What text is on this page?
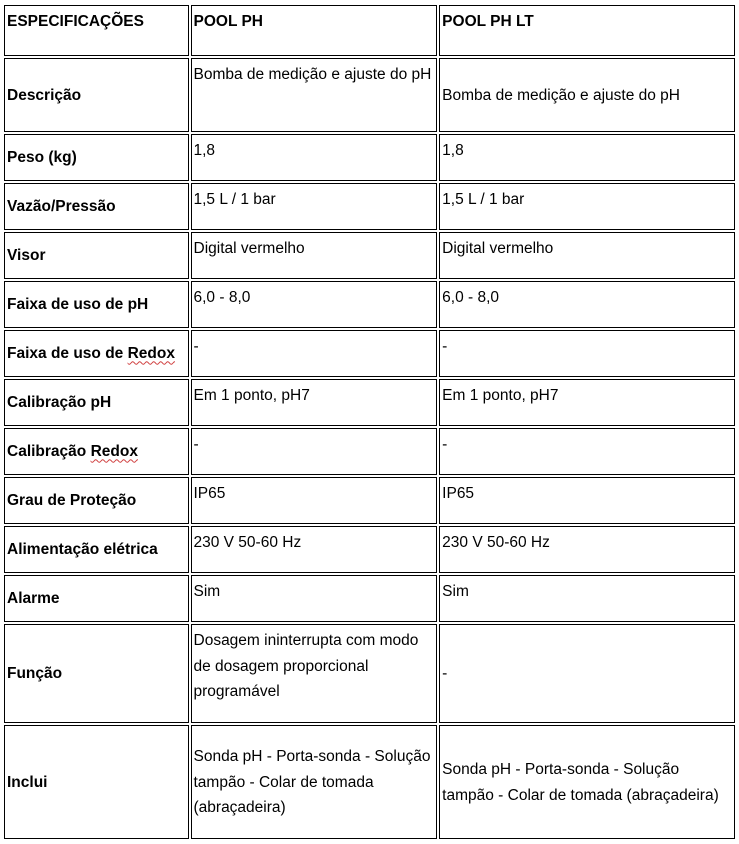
ESPECIFICAÇÕES	POOL PH	POOL PH LT
Descrição	Bomba de medição e ajuste do pH	Bomba de medição e ajuste do pH
Peso (kg)	1,8	1,8
Vazão/Pressão	1,5 L / 1 bar	1,5 L / 1 bar
Visor	Digital vermelho	Digital vermelho
Faixa de uso de pH	6,0 - 8,0	6,0 - 8,0
Faixa de uso de Redox	-	-
Calibração pH	Em 1 ponto, pH7	Em 1 ponto, pH7
Calibração Redox	-	-
Grau de Proteção	IP65	IP65
Alimentação elétrica	230 V 50-60 Hz	230 V 50-60 Hz
Alarme	Sim	Sim
Função	Dosagem ininterrupta com modo de dosagem proporcional programável	-
Inclui	Sonda pH - Porta-sonda - Solução tampão - Colar de tomada (abraçadeira)	Sonda pH - Porta-sonda - Solução tampão - Colar de tomada (abraçadeira)
